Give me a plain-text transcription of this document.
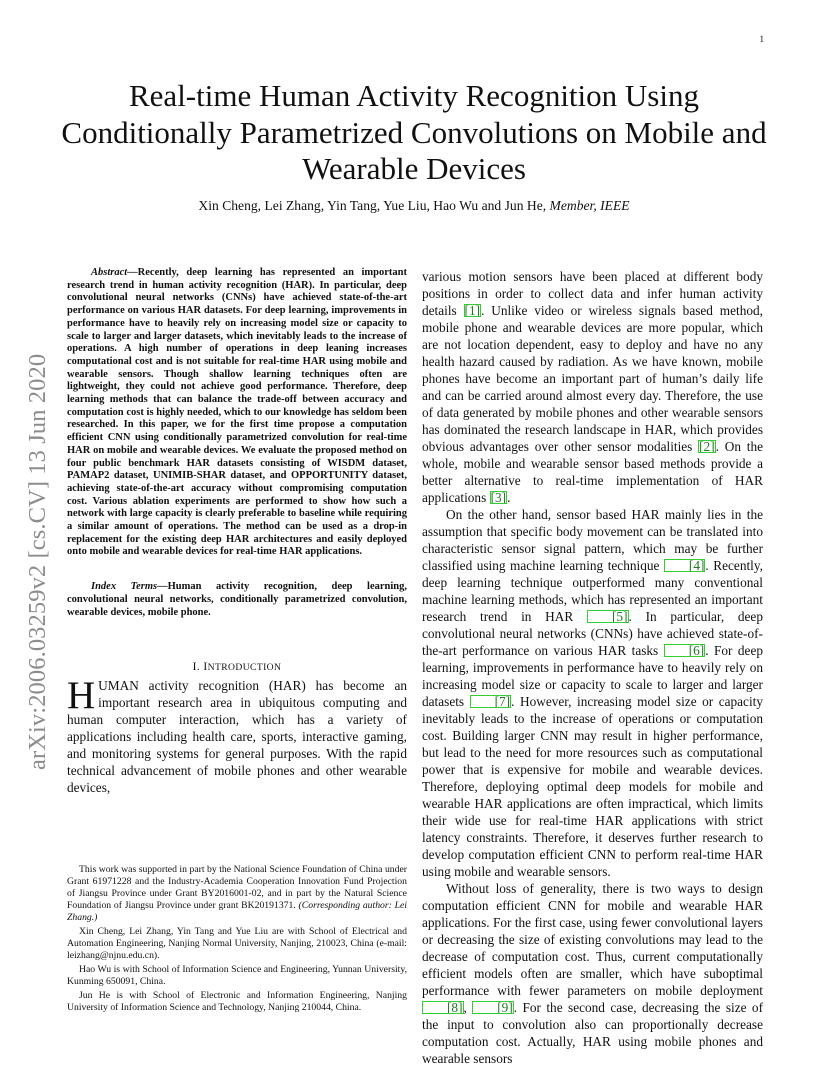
1
arXiv:2006.03259v2 [cs.CV] 13 Jun 2020
Real-time Human Activity Recognition Using Conditionally Parametrized Convolutions on Mobile and Wearable Devices
Xin Cheng, Lei Zhang, Yin Tang, Yue Liu, Hao Wu and Jun He, Member, IEEE

Abstract—Recently, deep learning has represented an important research trend in human activity recognition (HAR). In particular, deep convolutional neural networks (CNNs) have achieved state-of-the-art performance on various HAR datasets. For deep learning, improvements in performance have to heavily rely on increasing model size or capacity to scale to larger and larger datasets, which inevitably leads to the increase of operations. A high number of operations in deep leaning increases computational cost and is not suitable for real-time HAR using mobile and wearable sensors. Though shallow learning techniques often are lightweight, they could not achieve good performance. Therefore, deep learning methods that can balance the trade-off between accuracy and computation cost is highly needed, which to our knowledge has seldom been researched. In this paper, we for the first time propose a computation efficient CNN using conditionally parametrized convolution for real-time HAR on mobile and wearable devices. We evaluate the proposed method on four public benchmark HAR datasets consisting of WISDM dataset, PAMAP2 dataset, UNIMIB-SHAR dataset, and OPPORTUNITY dataset, achieving state-of-the-art accuracy without compromising computation cost. Various ablation experiments are performed to show how such a network with large capacity is clearly preferable to baseline while requiring a similar amount of operations. The method can be used as a drop-in replacement for the existing deep HAR architectures and easily deployed onto mobile and wearable devices for real-time HAR applications.

Index Terms—Human activity recognition, deep learning, convolutional neural networks, conditionally parametrized convolution, wearable devices, mobile phone.

I. INTRODUCTION

HUMAN activity recognition (HAR) has become an important research area in ubiquitous computing and human computer interaction, which has a variety of applications including health care, sports, interactive gaming, and monitoring systems for general purposes. With the rapid technical advancement of mobile phones and other wearable devices,

This work was supported in part by the National Science Foundation of China under Grant 61971228 and the Industry-Academia Cooperation Innovation Fund Projection of Jiangsu Province under Grant BY2016001-02, and in part by the Natural Science Foundation of Jiangsu Province under grant BK20191371. (Corresponding author: Lei Zhang.)

Xin Cheng, Lei Zhang, Yin Tang and Yue Liu are with School of Electrical and Automation Engineering, Nanjing Normal University, Nanjing, 210023, China (e-mail: leizhang@njnu.edu.cn).

Hao Wu is with School of Information Science and Engineering, Yunnan University, Kunming 650091, China.

Jun He is with School of Electronic and Information Engineering, Nanjing University of Information Science and Technology, Nanjing 210044, China.

various motion sensors have been placed at different body positions in order to collect data and infer human activity details [1]. Unlike video or wireless signals based method, mobile phone and wearable devices are more popular, which are not location dependent, easy to deploy and have no any health hazard caused by radiation. As we have known, mobile phones have become an important part of human’s daily life and can be carried around almost every day. Therefore, the use of data generated by mobile phones and other wearable sensors has dominated the research landscape in HAR, which provides obvious advantages over other sensor modalities [2]. On the whole, mobile and wearable sensor based methods provide a better alternative to real-time implementation of HAR applications [3].

On the other hand, sensor based HAR mainly lies in the assumption that specific body movement can be translated into characteristic sensor signal pattern, which may be further classified using machine learning technique [4]. Recently, deep learning technique outperformed many conventional machine learning methods, which has represented an important research trend in HAR [5]. In particular, deep convolutional neural networks (CNNs) have achieved state-of-the-art performance on various HAR tasks [6]. For deep learning, improvements in performance have to heavily rely on increasing model size or capacity to scale to larger and larger datasets [7]. However, increasing model size or capacity inevitably leads to the increase of operations or computation cost. Building larger CNN may result in higher performance, but lead to the need for more resources such as computational power that is expensive for mobile and wearable devices. Therefore, deploying optimal deep models for mobile and wearable HAR applications are often impractical, which limits their wide use for real-time HAR applications with strict latency constraints. Therefore, it deserves further research to develop computation efficient CNN to perform real-time HAR using mobile and wearable sensors.

Without loss of generality, there is two ways to design computation efficient CNN for mobile and wearable HAR applications. For the first case, using fewer convolutional layers or decreasing the size of existing convolutions may lead to the decrease of computation cost. Thus, current computationally efficient models often are smaller, which have suboptimal performance with fewer parameters on mobile deployment [8], [9]. For the second case, decreasing the size of the input to convolution also can proportionally decrease computation cost. Actually, HAR using mobile phones and wearable sensors
